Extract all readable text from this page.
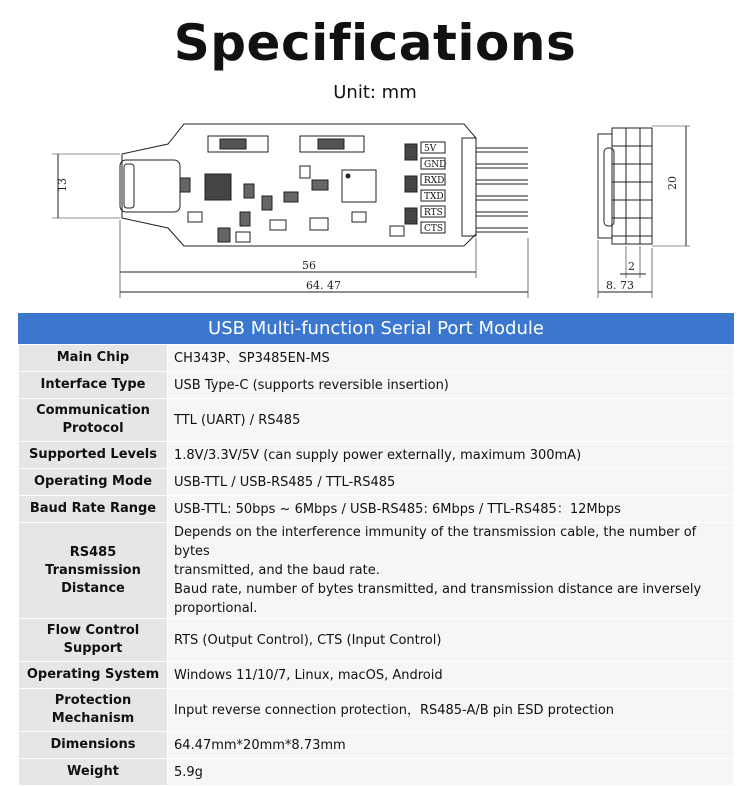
Specifications
Unit: mm
5V
GND
RXD
TXD
RTS
CTS
13
56
64. 47
20
2
8. 73
USB Multi-function Serial Port Module
Main Chip	CH343P、SP3485EN-MS

Interface Type	USB Type-C (supports reversible insertion)

Communication Protocol	TTL (UART) / RS485

Supported Levels	1.8V/3.3V/5V (can supply power externally, maximum 300mA)

Operating Mode	USB-TTL / USB-RS485 / TTL-RS485

Baud Rate Range	USB-TTL: 50bps ~ 6Mbps / USB-RS485: 6Mbps / TTL-RS485：12Mbps

RS485 Transmission Distance	Depends on the interference immunity of the transmission cable, the number of bytes
transmitted, and the baud rate.
Baud rate, number of bytes transmitted, and transmission distance are inversely proportional.

Flow Control Support	RTS (Output Control), CTS (Input Control)

Operating System	Windows 11/10/7, Linux, macOS, Android

Protection Mechanism	Input reverse connection protection，RS485-A/B pin ESD protection

Dimensions	64.47mm*20mm*8.73mm

Weight	5.9g
